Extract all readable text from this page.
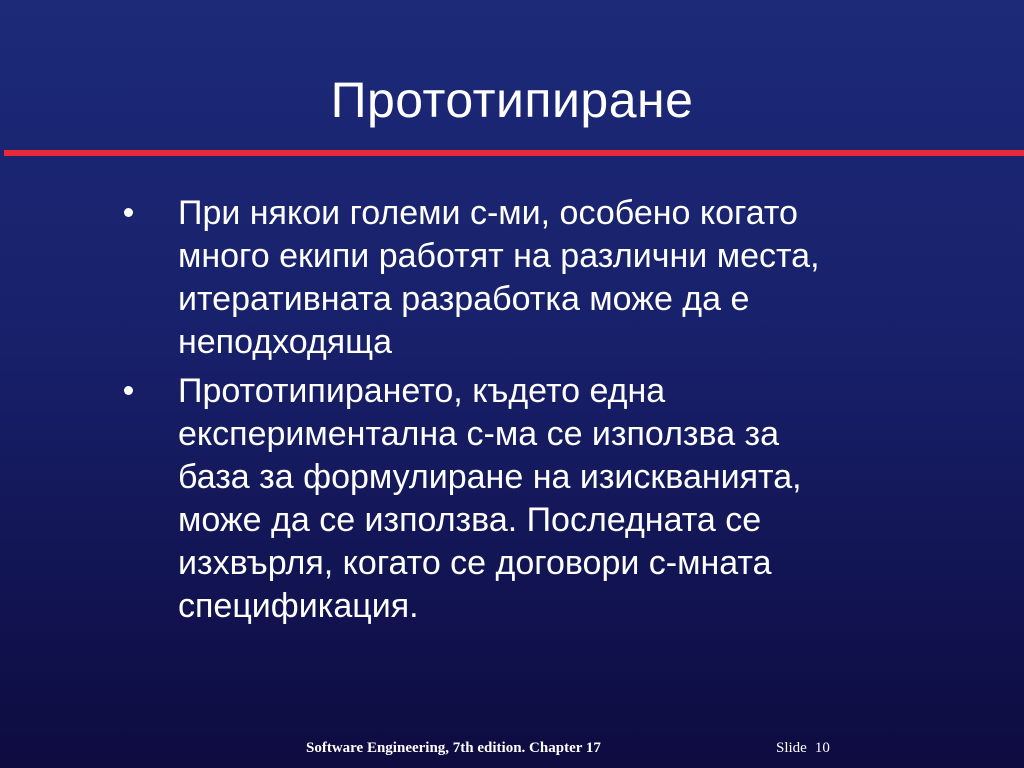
Прототипиране
При някои големи с-ми, особено когато
много екипи работят на различни места,
итеративната разработка може да е
неподходяща
Прототипирането, където една
експериментална с-ма се използва за
база за формулиране на изискванията,
може да се използва. Последната се
изхвърля, когато се договори с-мната
спецификация.
Software Engineering, 7th edition. Chapter 17	Slide 10
